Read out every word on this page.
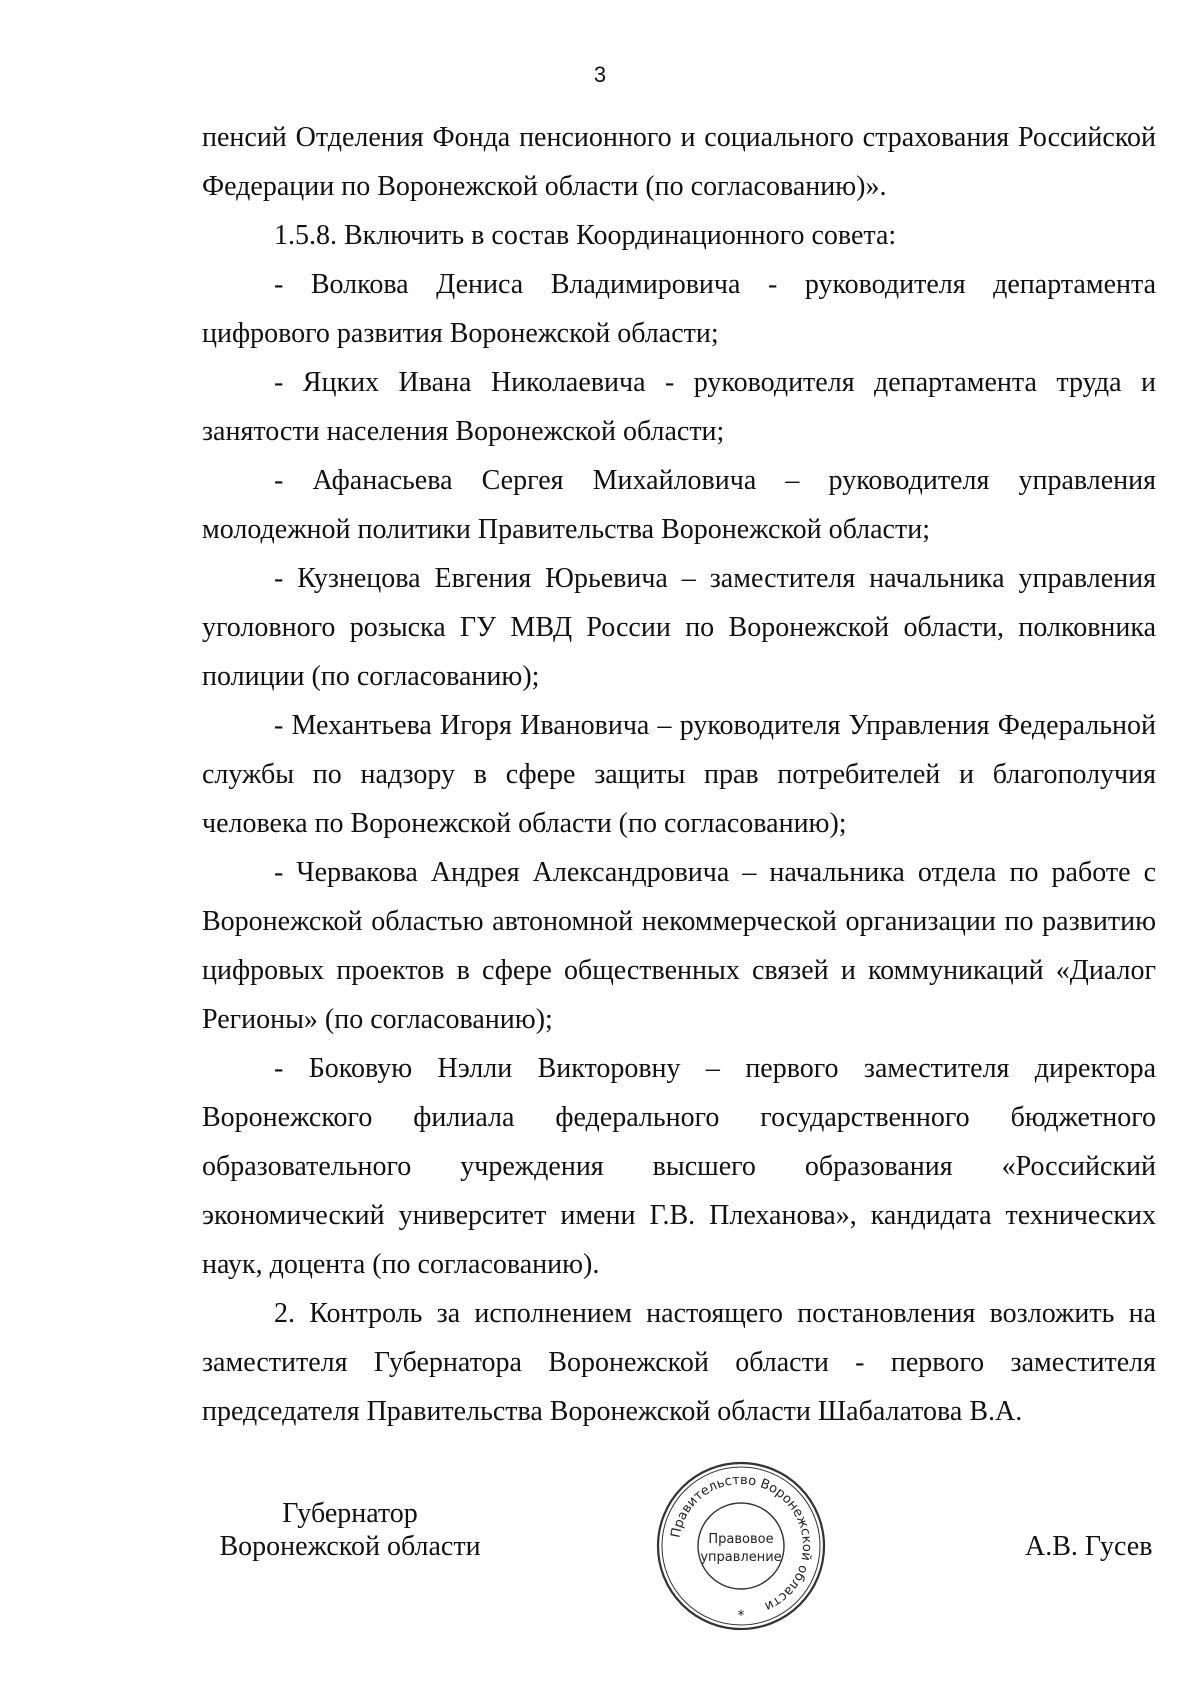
3

пенсий Отделения Фонда пенсионного и социального страхования Российской Федерации по Воронежской области (по согласованию)».

1.5.8. Включить в состав Координационного совета:

- Волкова Дениса Владимировича - руководителя департамента цифрового развития Воронежской области;

- Яцких Ивана Николаевича - руководителя департамента труда и занятости населения Воронежской области;

- Афанасьева Сергея Михайловича – руководителя управления молодежной политики Правительства Воронежской области;

- Кузнецова Евгения Юрьевича – заместителя начальника управления уголовного розыска ГУ МВД России по Воронежской области, полковника полиции (по согласованию);

- Механтьева Игоря Ивановича – руководителя Управления Федеральной службы по надзору в сфере защиты прав потребителей и благополучия человека по Воронежской области (по согласованию);

- Червакова Андрея Александровича – начальника отдела по работе с Воронежской областью автономной некоммерческой организации по развитию цифровых проектов в сфере общественных связей и коммуникаций «Диалог Регионы» (по согласованию);

- Боковую Нэлли Викторовну – первого заместителя директора Воронежского филиала федерального государственного бюджетного образовательного учреждения высшего образования «Российский экономический университет имени Г.В. Плеханова», кандидата технических наук, доцента (по согласованию).

2. Контроль за исполнением настоящего постановления возложить на заместителя Губернатора Воронежской области - первого заместителя председателя Правительства Воронежской области Шабалатова В.А.

Губернатор
Воронежской области	Правительство Воронежской области
Правовое
управление
*
А.В. Гусев
